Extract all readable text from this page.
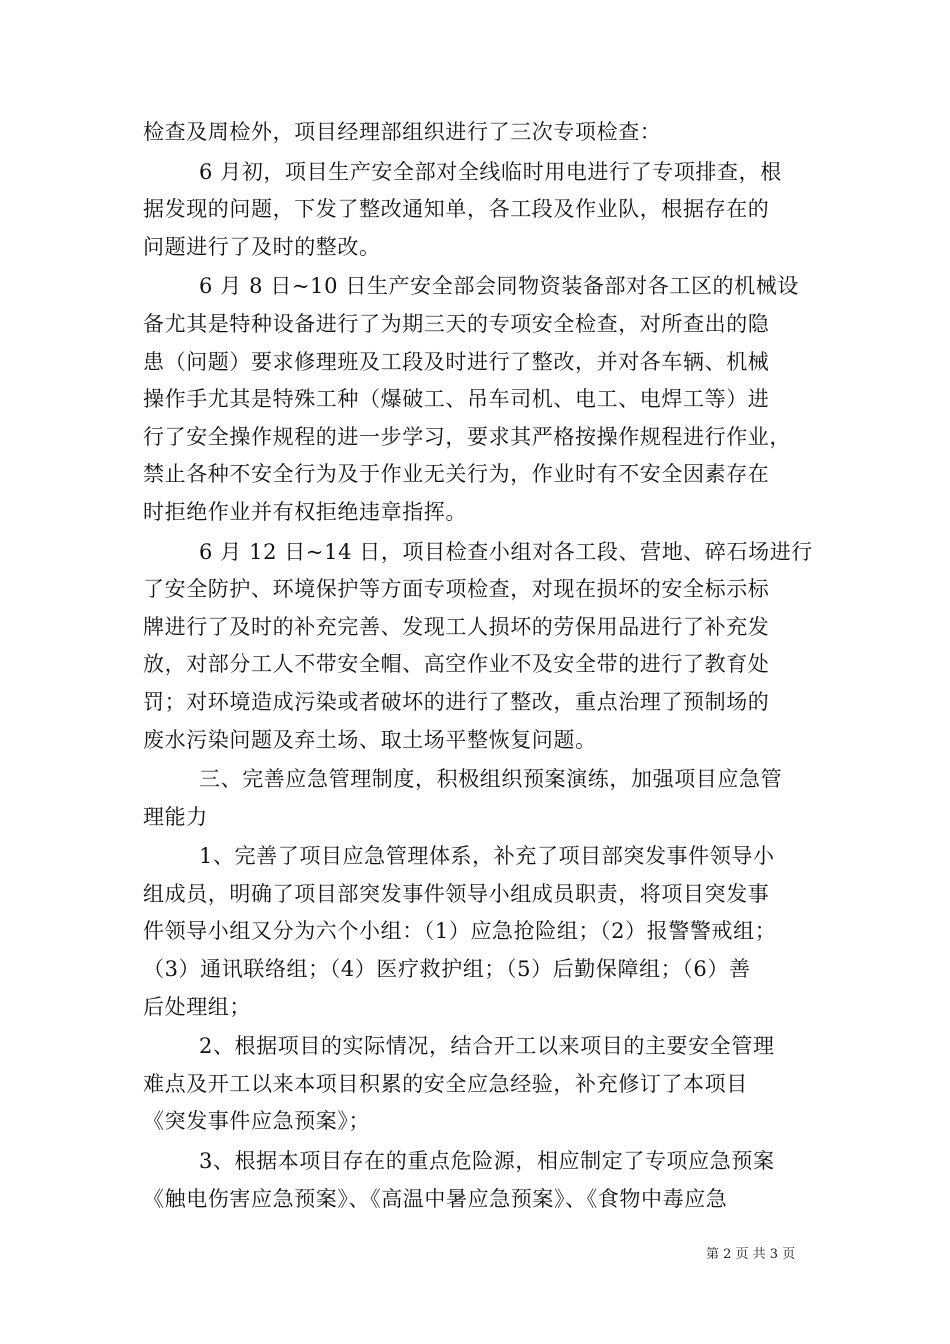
检查及周检外，项目经理部组织进行了三次专项检查：
6 月初，项目生产安全部对全线临时用电进行了专项排查，根
据发现的问题，下发了整改通知单，各工段及作业队，根据存在的
问题进行了及时的整改。
6 月 8 日~10 日生产安全部会同物资装备部对各工区的机械设
备尤其是特种设备进行了为期三天的专项安全检查，对所查出的隐
患（问题）要求修理班及工段及时进行了整改，并对各车辆、机械
操作手尤其是特殊工种（爆破工、吊车司机、电工、电焊工等）进
行了安全操作规程的进一步学习，要求其严格按操作规程进行作业，
禁止各种不安全行为及于作业无关行为，作业时有不安全因素存在
时拒绝作业并有权拒绝违章指挥。
6 月 12 日~14 日，项目检查小组对各工段、营地、碎石场进行
了安全防护、环境保护等方面专项检查，对现在损坏的安全标示标
牌进行了及时的补充完善、发现工人损坏的劳保用品进行了补充发
放，对部分工人不带安全帽、高空作业不及安全带的进行了教育处
罚；对环境造成污染或者破坏的进行了整改，重点治理了预制场的
废水污染问题及弃土场、取土场平整恢复问题。
三、完善应急管理制度，积极组织预案演练，加强项目应急管
理能力
1、完善了项目应急管理体系，补充了项目部突发事件领导小
组成员，明确了项目部突发事件领导小组成员职责，将项目突发事
件领导小组又分为六个小组：（1）应急抢险组；（2）报警警戒组；
（3）通讯联络组；（4）医疗救护组；（5）后勤保障组；（6）善
后处理组；
2、根据项目的实际情况，结合开工以来项目的主要安全管理
难点及开工以来本项目积累的安全应急经验，补充修订了本项目
《突发事件应急预案》；
3、根据本项目存在的重点危险源，相应制定了专项应急预案
《触电伤害应急预案》、《高温中暑应急预案》、《食物中毒应急
第 2 页 共 3 页
